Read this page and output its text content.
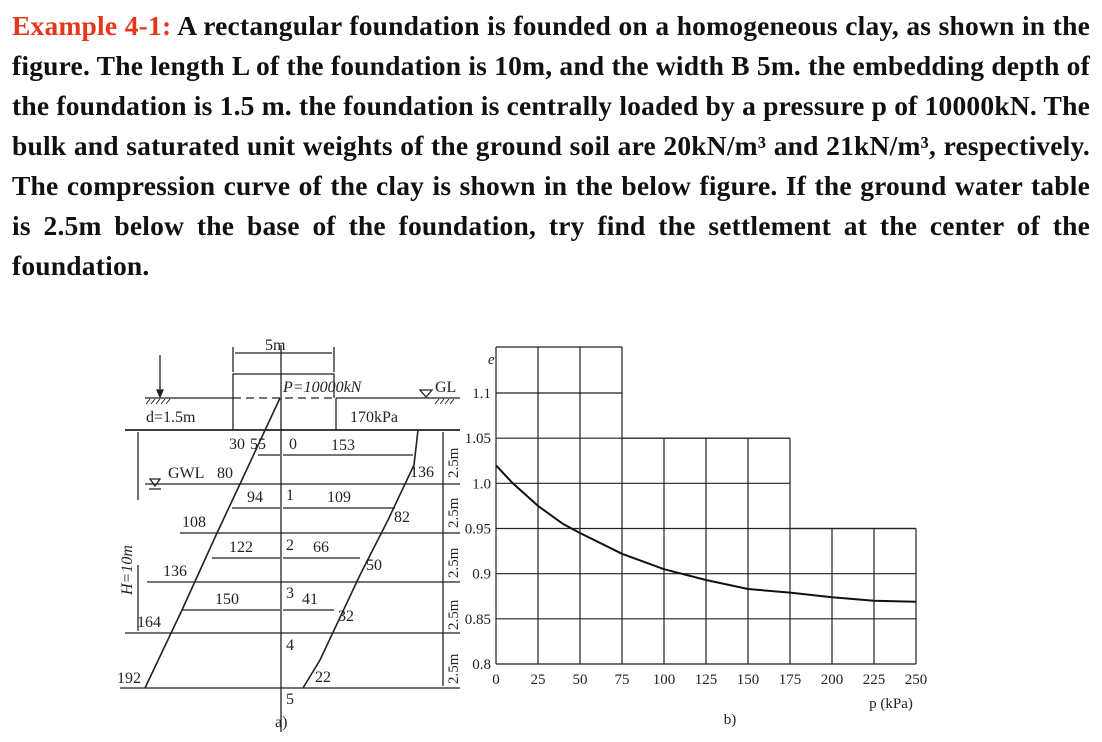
Example 4-1: A rectangular foundation is founded on a homogeneous clay, as shown in the figure. The length L of the foundation is 10m, and the width B 5m. the embedding depth of the foundation is 1.5 m. the foundation is centrally loaded by a pressure p of 10000kN. The bulk and saturated unit weights of the ground soil are 20kN/m³ and 21kN/m³, respectively. The compression curve of the clay is shown in the below figure. If the ground water table is 2.5m below the base of the foundation, try find the settlement at the center of the foundation.
5m
P=10000kN	GL
d=1.5m	170kPa
GWL
H=10m
30
80
108
136
164
192
55
94
122
150
153
136
82
50
32
22
109
66
41
0
1
2
3
4
5
a)
2.5m
2.5m
2.5m
2.5m
2.5m 0 25 50 75 100 125 150 175 200 225 250
0.8
0.85
0.9
0.95
1.0
1.05
1.1
e
p (kPa)
b)
